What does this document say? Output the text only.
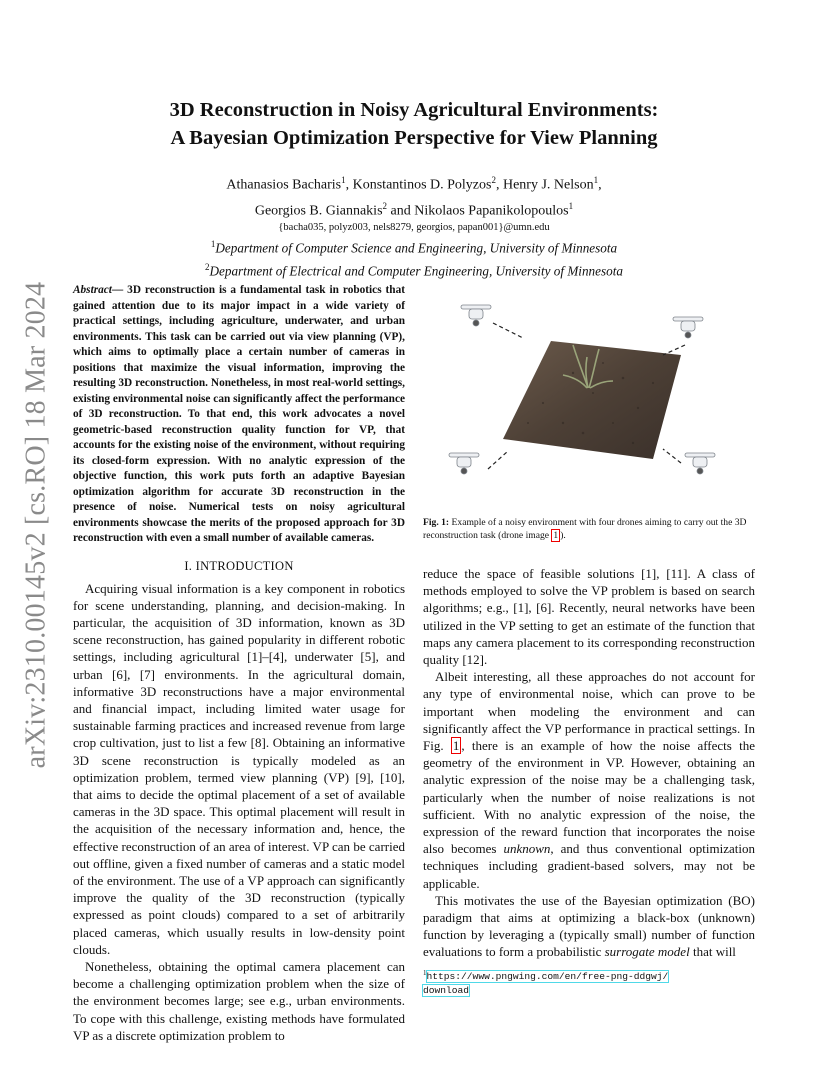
arXiv:2310.00145v2 [cs.RO] 18 Mar 2024
3D Reconstruction in Noisy Agricultural Environments:
A Bayesian Optimization Perspective for View Planning
Athanasios Bacharis$^1$, Konstantinos D. Polyzos$^2$, Henry J. Nelson$^1$,
Georgios B. Giannakis$^2$ and Nikolaos Papanikolopoulos$^1$
{bacha035, polyz003, nels8279, georgios, papan001}@umn.edu
$^1$Department of Computer Science and Engineering, University of Minnesota
$^2$Department of Electrical and Computer Engineering, University of Minnesota
Abstract— 3D reconstruction is a fundamental task in robotics that gained attention due to its major impact in a wide variety of practical settings, including agriculture, underwater, and urban environments. This task can be carried out via view planning (VP), which aims to optimally place a certain number of cameras in positions that maximize the visual information, improving the resulting 3D reconstruction. Nonetheless, in most real-world settings, existing environmental noise can significantly affect the performance of 3D reconstruction. To that end, this work advocates a novel geometric-based reconstruction quality function for VP, that accounts for the existing noise of the environment, without requiring its closed-form expression. With no analytic expression of the objective function, this work puts forth an adaptive Bayesian optimization algorithm for accurate 3D reconstruction in the presence of noise. Numerical tests on noisy agricultural environments showcase the merits of the proposed approach for 3D reconstruction with even a small number of available cameras.
I. INTRODUCTION

Acquiring visual information is a key component in robotics for scene understanding, planning, and decision-making. In particular, the acquisition of 3D information, known as 3D scene reconstruction, has gained popularity in different robotic settings, including agricultural [1]–[4], underwater [5], and urban [6], [7] environments. In the agricultural domain, informative 3D reconstructions have a major environmental and financial impact, including limited water usage for sustainable farming practices and increased revenue from large crop cultivation, just to list a few [8]. Obtaining an informative 3D scene reconstruction is typically modeled as an optimization problem, termed view planning (VP) [9], [10], that aims to decide the optimal placement of a set of available cameras in the 3D space. This optimal placement will result in the acquisition of the necessary information and, hence, the effective reconstruction of an area of interest. VP can be carried out offline, given a fixed number of cameras and a static model of the environment. The use of a VP approach can significantly improve the quality of the 3D reconstruction (typically expressed as point clouds) compared to a set of arbitrarily placed cameras, which usually results in low-density point clouds.

Nonetheless, obtaining the optimal camera placement can become a challenging optimization problem when the size of the environment becomes large; see e.g., urban environments. To cope with this challenge, existing methods have formulated VP as a discrete optimization problem to

Fig. 1: Example of a noisy environment with four drones aiming to carry out the 3D reconstruction task (drone image 1 ).

reduce the space of feasible solutions [1], [11]. A class of methods employed to solve the VP problem is based on search algorithms; e.g., [1], [6]. Recently, neural networks have been utilized in the VP setting to get an estimate of the function that maps any camera placement to its corresponding reconstruction quality [12].

Albeit interesting, all these approaches do not account for any type of environmental noise, which can prove to be important when modeling the environment and can significantly affect the VP performance in practical settings. In Fig. 1 , there is an example of how the noise affects the geometry of the environment in VP. However, obtaining an analytic expression of the noise may be a challenging task, particularly when the number of noise realizations is not sufficient. With no analytic expression of the noise, the expression of the reward function that incorporates the noise also becomes unknown, and thus conventional optimization techniques including gradient-based solvers, may not be applicable.

This motivates the use of the Bayesian optimization (BO) paradigm that aims at optimizing a black-box (unknown) function by leveraging a (typically small) number of function evaluations to form a probabilistic surrogate model that will

$^1$https://www.pngwing.com/en/free-png-ddgwj/
download
